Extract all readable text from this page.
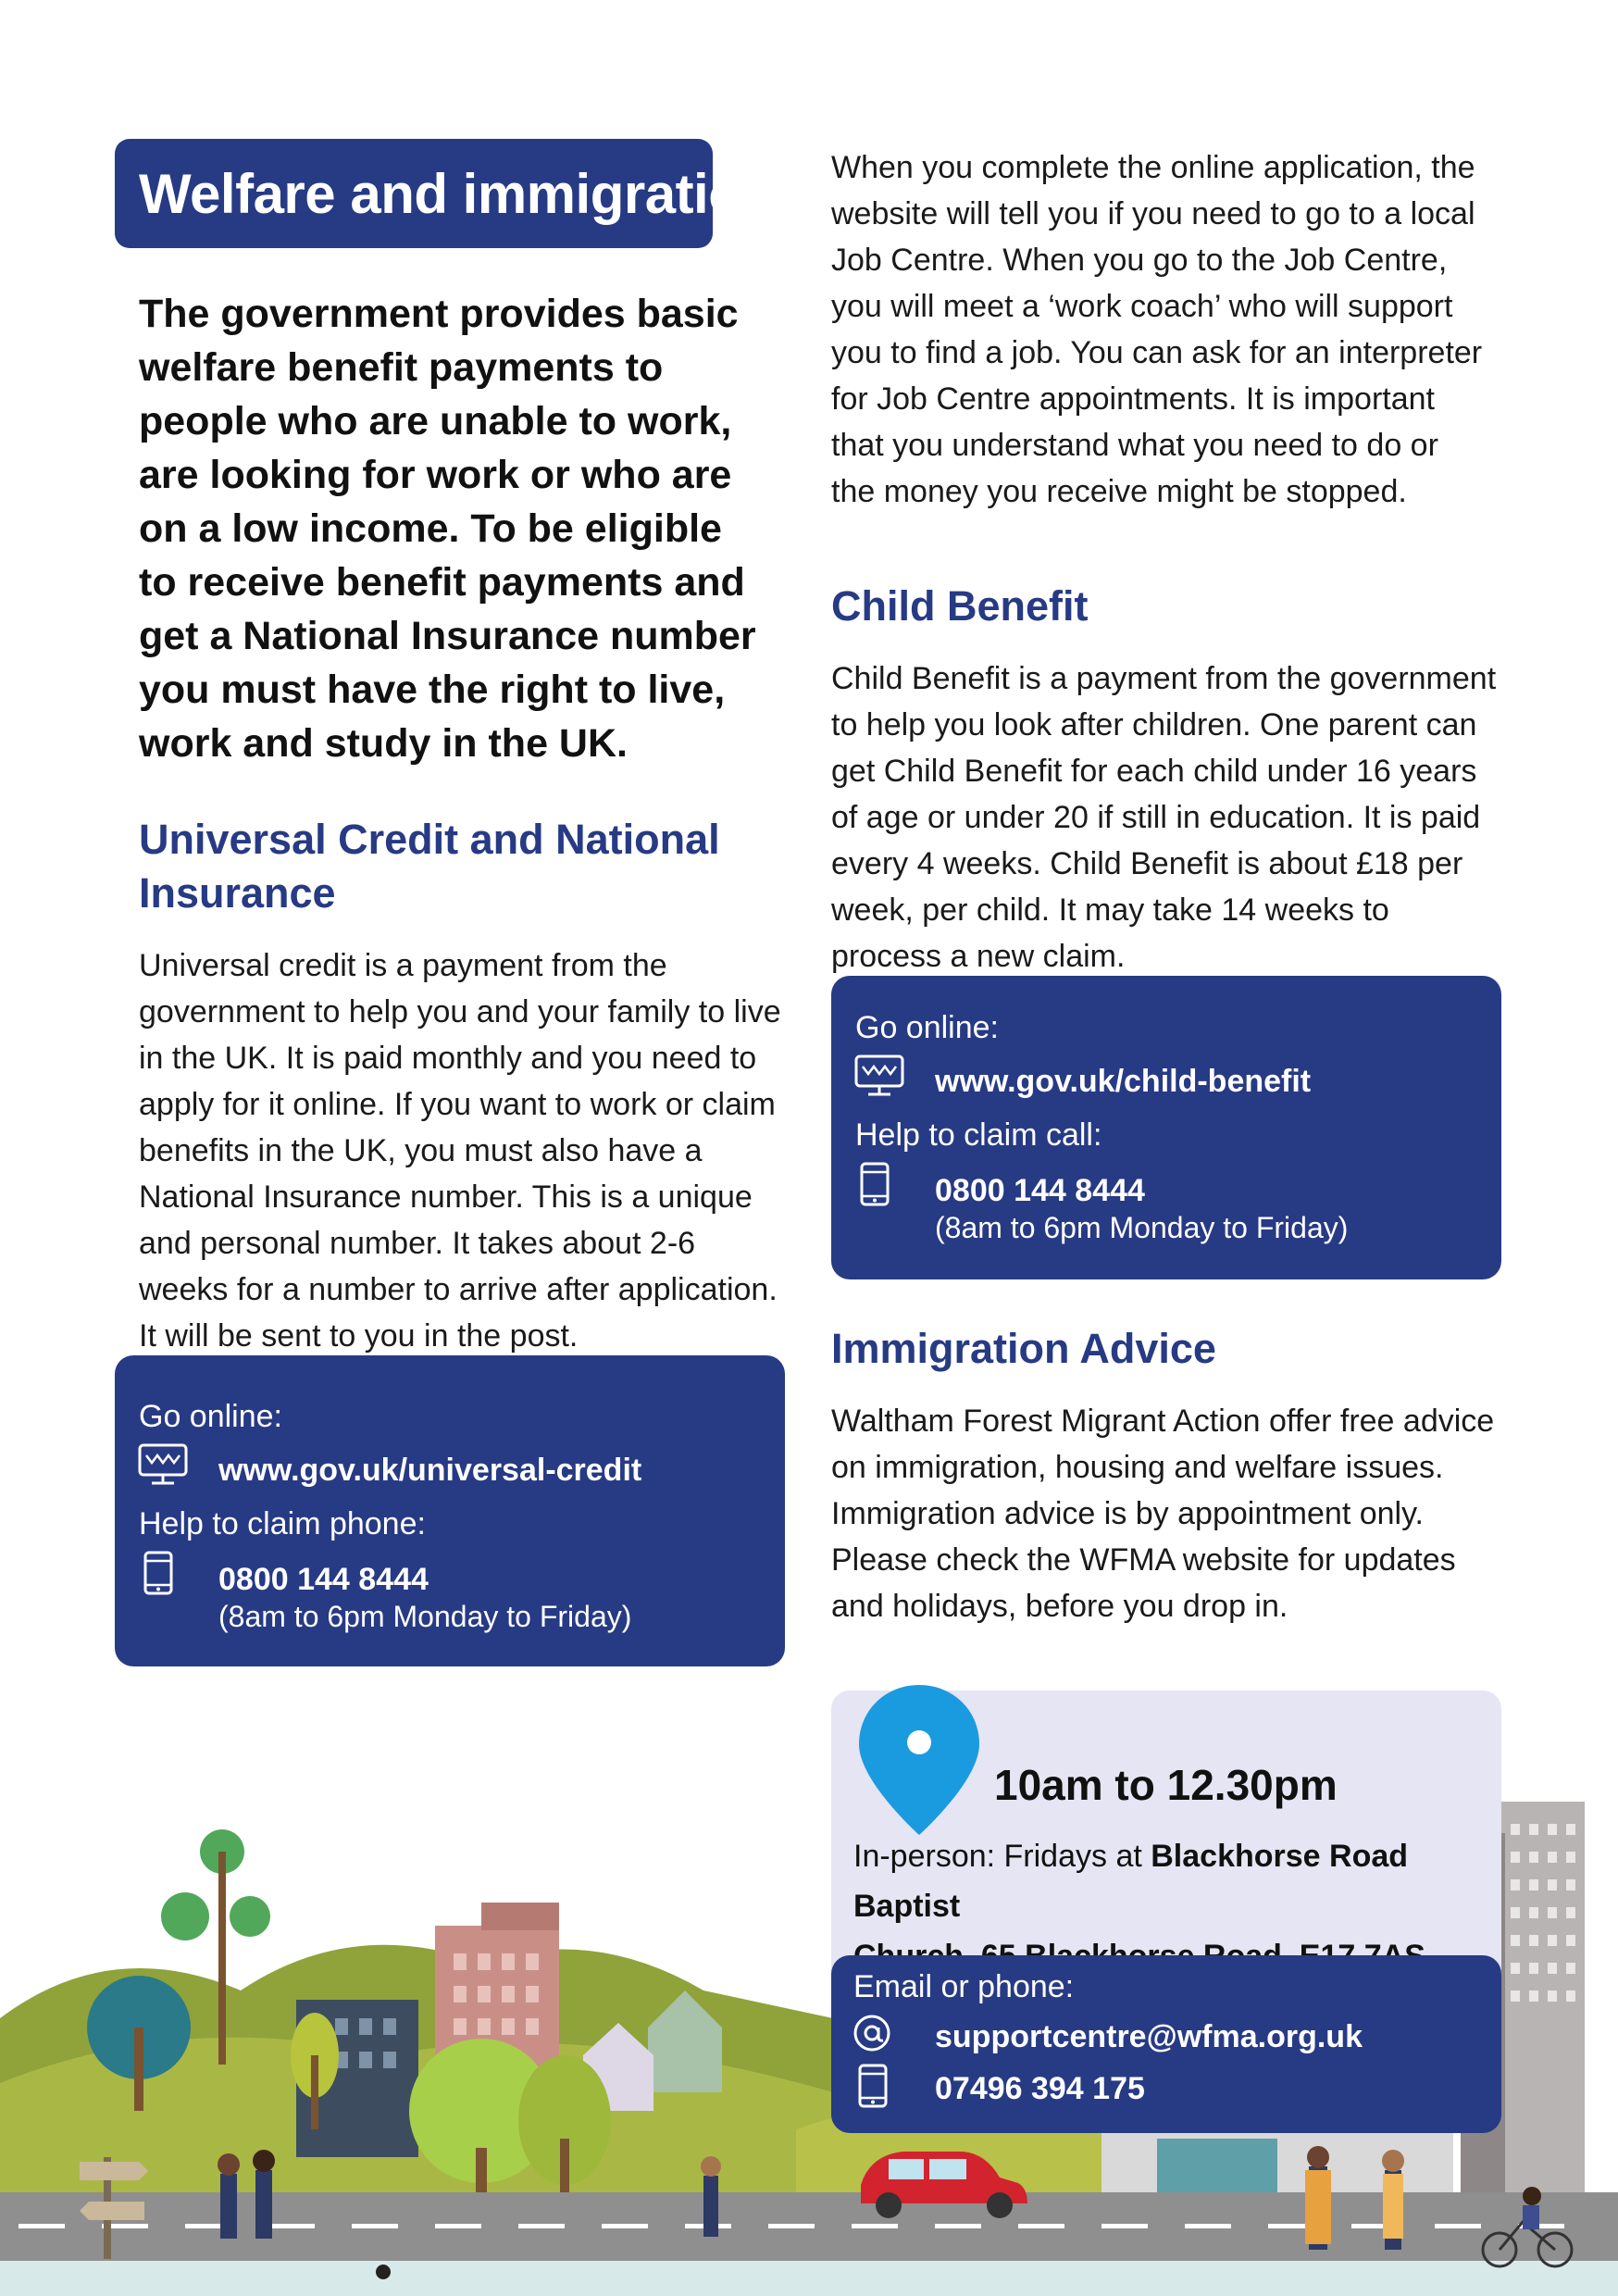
Welfare and immigration

The government provides basic welfare benefit payments to people who are unable to work, are looking for work or who are on a low income. To be eligible to receive benefit payments and get a National Insurance number you must have the right to live, work and study in the UK.

Universal Credit and National Insurance

Universal credit is a payment from the government to help you and your family to live in the UK. It is paid monthly and you need to apply for it online. If you want to work or claim benefits in the UK, you must also have a National Insurance number. This is a unique and personal number. It takes about 2-6 weeks for a number to arrive after application. It will be sent to you in the post.

Go online:
www.gov.uk/universal-credit
Help to claim phone:
0800 144 8444
(8am to 6pm Monday to Friday)

When you complete the online application, the website will tell you if you need to go to a local Job Centre. When you go to the Job Centre, you will meet a ‘work coach’ who will support you to find a job. You can ask for an interpreter for Job Centre appointments. It is important that you understand what you need to do or the money you receive might be stopped.

Child Benefit

Child Benefit is a payment from the government to help you look after children. One parent can get Child Benefit for each child under 16 years of age or under 20 if still in education. It is paid every 4 weeks. Child Benefit is about £18 per week, per child. It may take 14 weeks to process a new claim.

Go online:
www.gov.uk/child-benefit
Help to claim call:
0800 144 8444
(8am to 6pm Monday to Friday)
Immigration Advice

Waltham Forest Migrant Action offer free advice on immigration, housing and welfare issues. Immigration advice is by appointment only. Please check the WFMA website for updates and holidays, before you drop in.

10am to 12.30pm
In-person: Fridays at Blackhorse Road Baptist

Email or phone:
supportcentre@wfma.org.uk
07496 394 175
